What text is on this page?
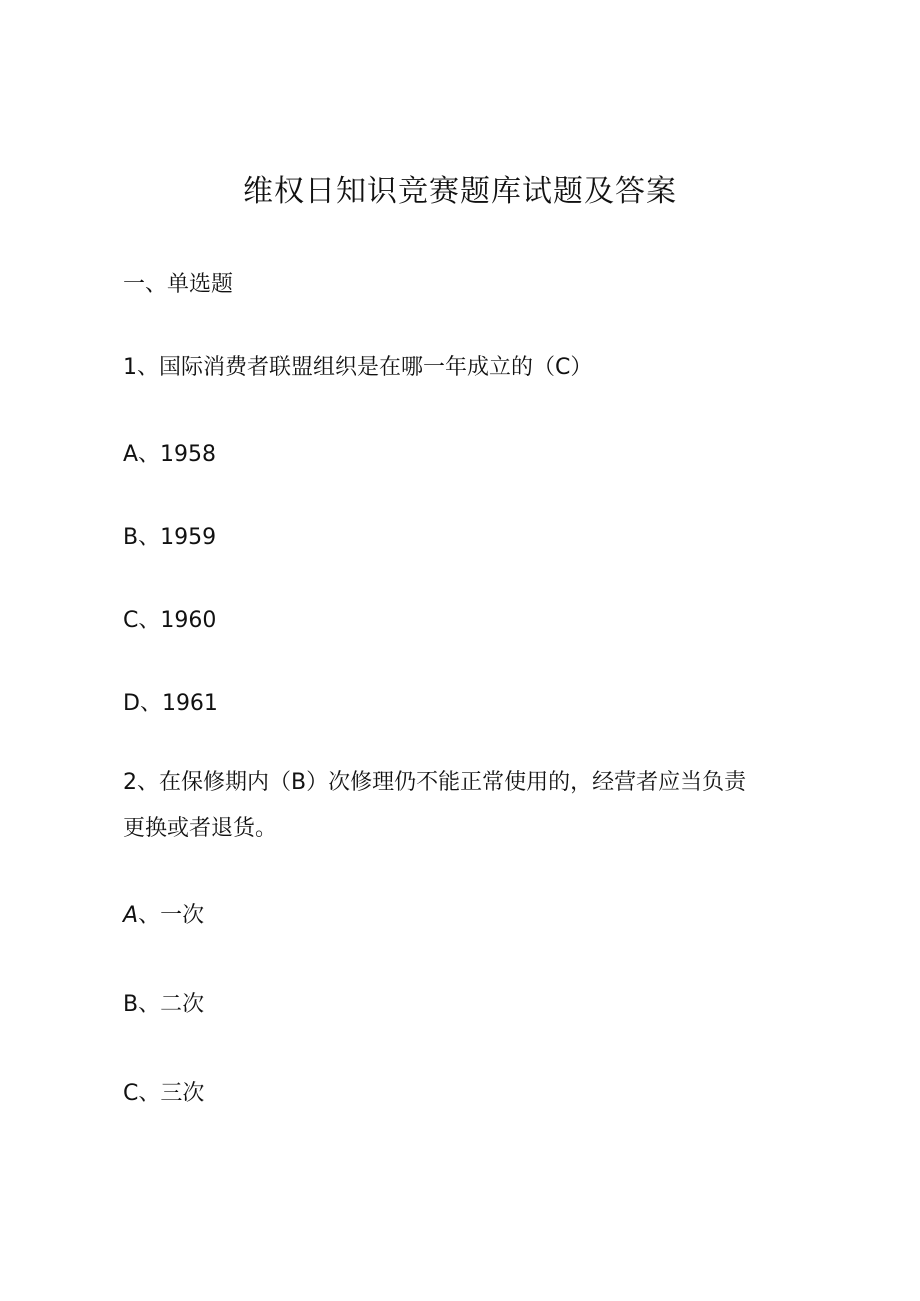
维权日知识竞赛题库试题及答案
一、单选题
1、国际消费者联盟组织是在哪一年成立的（C）
A、1958
B、1959
C、1960
D、1961
2、在保修期内（B）次修理仍不能正常使用的，经营者应当负责
更换或者退货。
A、一次
B、二次
C、三次
